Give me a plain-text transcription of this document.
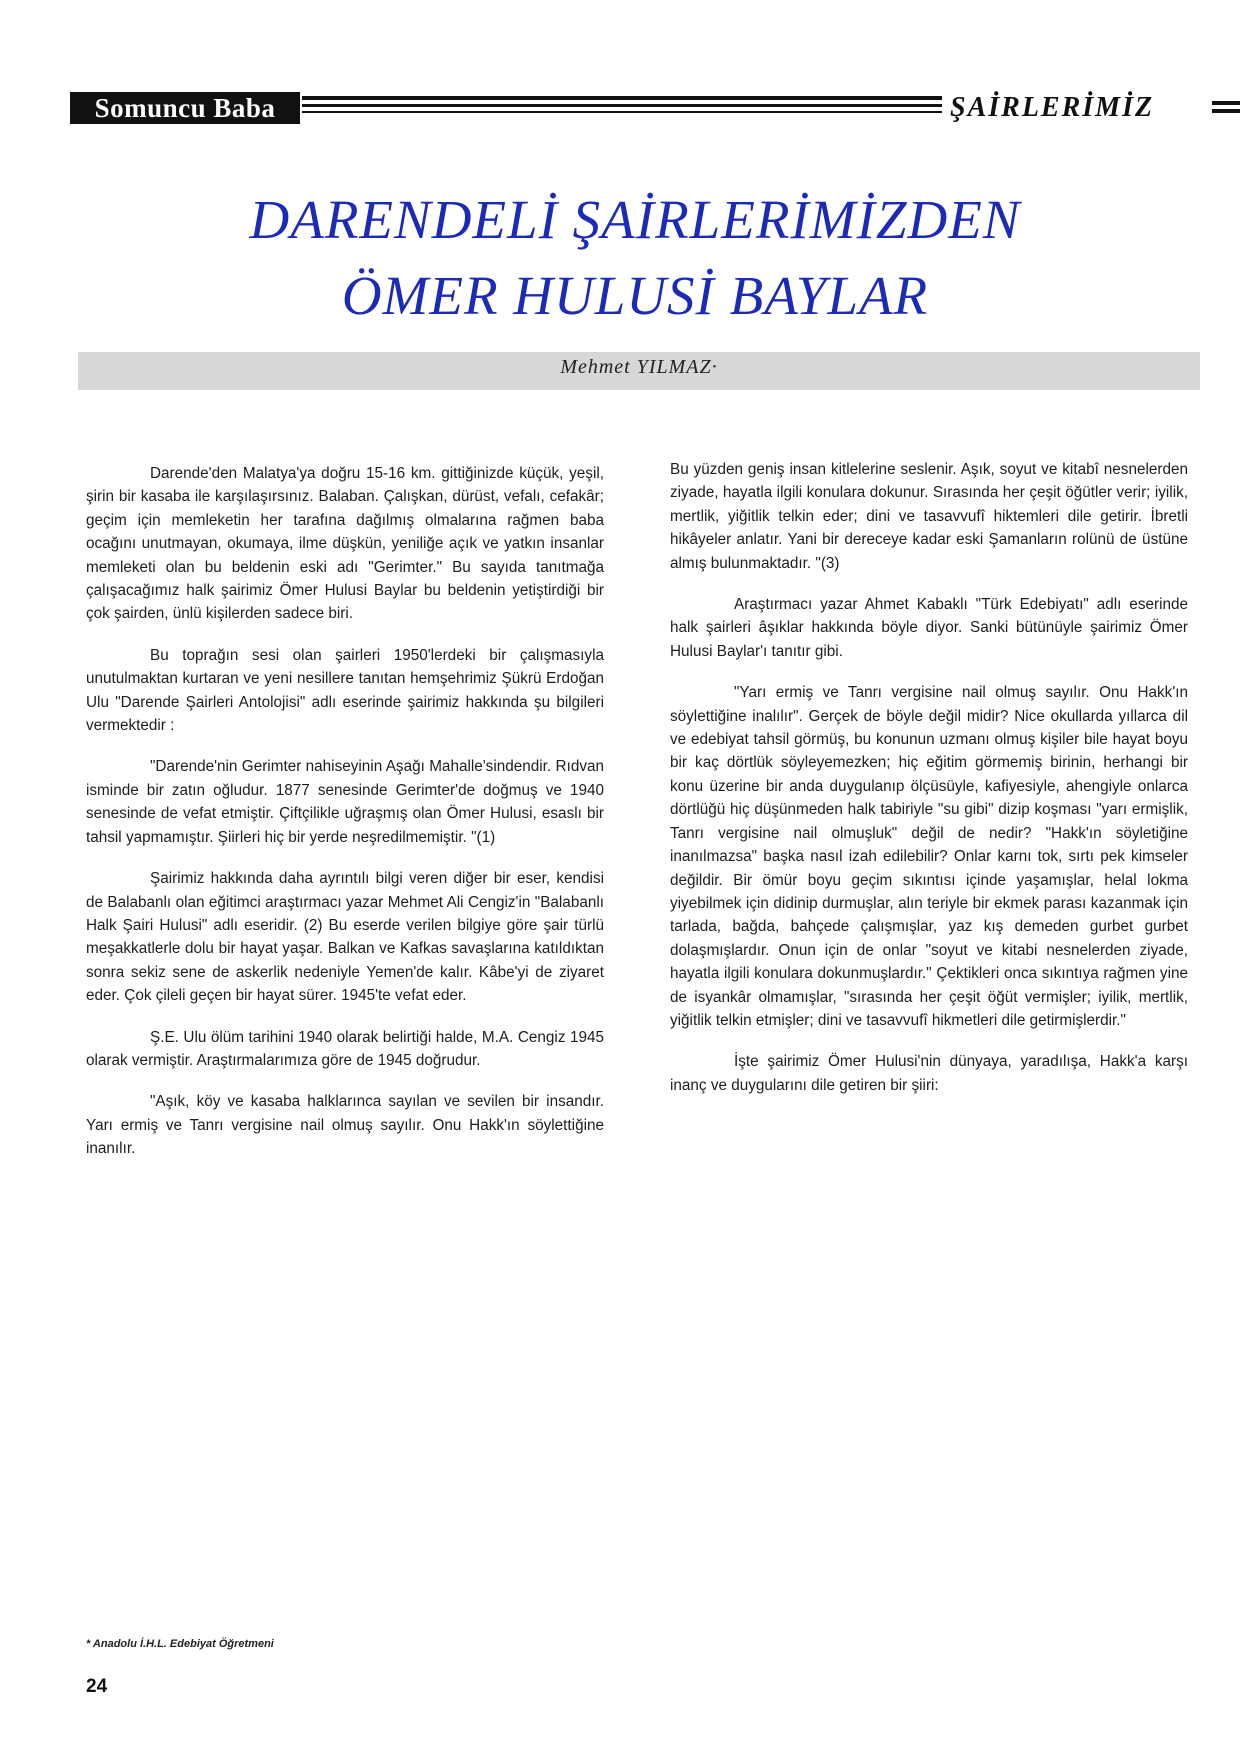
Somuncu Baba	ŞAİRLERİMİZ
DARENDELİ ŞAİRLERİMİZDEN
ÖMER HULUSİ BAYLAR
Mehmet YILMAZ·

Darende'den Malatya'ya doğru 15-16 km. gittiğinizde küçük, yeşil, şirin bir kasaba ile karşılaşırsınız. Balaban. Çalışkan, dürüst, vefalı, cefakâr; geçim için memleketin her tarafına dağılmış olmalarına rağmen baba ocağını unutmayan, okumaya, ilme düşkün, yeniliğe açık ve yatkın insanlar memleketi olan bu beldenin eski adı "Gerimter." Bu sayıda tanıtmağa çalışacağımız halk şairimiz Ömer Hulusi Baylar bu beldenin yetiştirdiği bir çok şairden, ünlü kişilerden sadece biri.

Bu toprağın sesi olan şairleri 1950'lerdeki bir çalışmasıyla unutulmaktan kurtaran ve yeni nesillere tanıtan hemşehrimiz Şükrü Erdoğan Ulu "Darende Şairleri Antolojisi" adlı eserinde şairimiz hakkında şu bilgileri vermektedir :

"Darende'nin Gerimter nahiseyinin Aşağı Mahalle'sindendir. Rıdvan isminde bir zatın oğludur. 1877 senesinde Gerimter'de doğmuş ve 1940 senesinde de vefat etmiştir. Çiftçilikle uğraşmış olan Ömer Hulusi, esaslı bir tahsil yapmamıştır. Şiirleri hiç bir yerde neşredilmemiştir. "(1)

Şairimiz hakkında daha ayrıntılı bilgi veren diğer bir eser, kendisi de Balabanlı olan eğitimci araştırmacı yazar Mehmet Ali Cengiz'in "Balabanlı Halk Şairi Hulusi" adlı eseridir. (2) Bu eserde verilen bilgiye göre şair türlü meşakkatlerle dolu bir hayat yaşar. Balkan ve Kafkas savaşlarına katıldıktan sonra sekiz sene de askerlik nedeniyle Yemen'de kalır. Kâbe'yi de ziyaret eder. Çok çileli geçen bir hayat sürer. 1945'te vefat eder.

Ş.E. Ulu ölüm tarihini 1940 olarak belirtiği halde, M.A. Cengiz 1945 olarak vermiştir. Araştırmalarımıza göre de 1945 doğrudur.

"Aşık, köy ve kasaba halklarınca sayılan ve sevilen bir insandır. Yarı ermiş ve Tanrı vergisine nail olmuş sayılır. Onu Hakk'ın söylettiğine inanılır.

Bu yüzden geniş insan kitlelerine seslenir. Aşık, soyut ve kitabî nesnelerden ziyade, hayatla ilgili konulara dokunur. Sırasında her çeşit öğütler verir; iyilik, mertlik, yiğitlik telkin eder; dini ve tasavvufî hiktemleri dile getirir. İbretli hikâyeler anlatır. Yani bir dereceye kadar eski Şamanların rolünü de üstüne almış bulunmaktadır. "(3)

Araştırmacı yazar Ahmet Kabaklı "Türk Edebiyatı" adlı eserinde halk şairleri âşıklar hakkında böyle diyor. Sanki bütünüyle şairimiz Ömer Hulusi Baylar'ı tanıtır gibi.

"Yarı ermiş ve Tanrı vergisine nail olmuş sayılır. Onu Hakk'ın söylettiğine inalılır". Gerçek de böyle değil midir? Nice okullarda yıllarca dil ve edebiyat tahsil görmüş, bu konunun uzmanı olmuş kişiler bile hayat boyu bir kaç dörtlük söyleyemezken; hiç eğitim görmemiş birinin, herhangi bir konu üzerine bir anda duygulanıp ölçüsüyle, kafiyesiyle, ahengiyle onlarca dörtlüğü hiç düşünmeden halk tabiriyle "su gibi" dizip koşması "yarı ermişlik, Tanrı vergisine nail olmuşluk" değil de nedir? "Hakk'ın söyletiğine inanılmazsa" başka nasıl izah edilebilir? Onlar karnı tok, sırtı pek kimseler değildir. Bir ömür boyu geçim sıkıntısı içinde yaşamışlar, helal lokma yiyebilmek için didinip durmuşlar, alın teriyle bir ekmek parası kazanmak için tarlada, bağda, bahçede çalışmışlar, yaz kış demeden gurbet gurbet dolaşmışlardır. Onun için de onlar "soyut ve kitabi nesnelerden ziyade, hayatla ilgili konulara dokunmuşlardır." Çektikleri onca sıkıntıya rağmen yine de isyankâr olmamışlar, "sırasında her çeşit öğüt vermişler; iyilik, mertlik, yiğitlik telkin etmişler; dini ve tasavvufî hikmetleri dile getirmişlerdir."

İşte şairimiz Ömer Hulusi'nin dünyaya, yaradılışa, Hakk'a karşı inanç ve duygularını dile getiren bir şiiri:

* Anadolu İ.H.L. Edebiyat Öğretmeni
24
